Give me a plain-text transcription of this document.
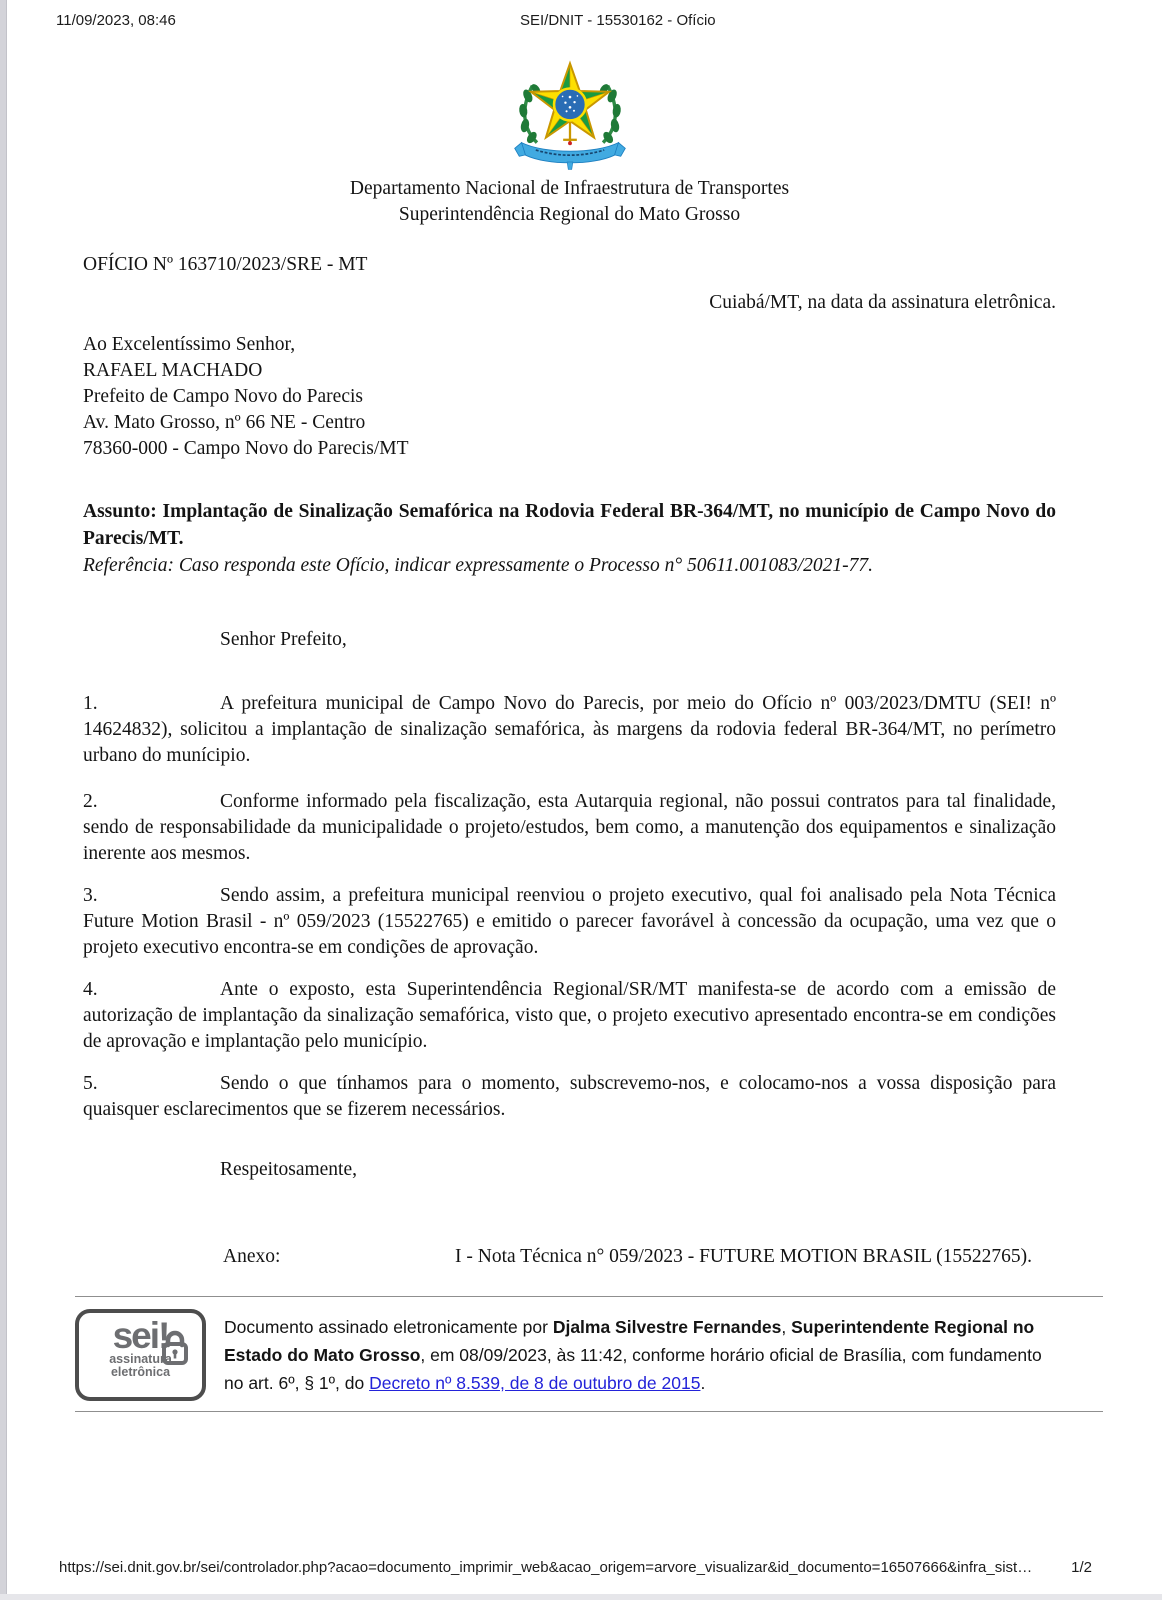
11/09/2023, 08:46	SEI/DNIT - 15530162 - Ofício
Departamento Nacional de Infraestrutura de Transportes
Superintendência Regional do Mato Grosso
OFÍCIO Nº 163710/2023/SRE - MT
Cuiabá/MT, na data da assinatura eletrônica.
Ao Excelentíssimo Senhor,
RAFAEL MACHADO
Prefeito de Campo Novo do Parecis
Av. Mato Grosso, nº 66 NE - Centro
78360-000 - Campo Novo do Parecis/MT

Assunto: Implantação de Sinalização Semafórica na Rodovia Federal BR-364/MT, no município de Campo Novo do Parecis/MT.

Referência: Caso responda este Ofício, indicar expressamente o Processo n° 50611.001083/2021-77.

Senhor Prefeito,

1.	A prefeitura municipal de Campo Novo do Parecis, por meio do Ofício nº 003/2023/DMTU (SEI! nº 14624832), solicitou a implantação de sinalização semafórica, às margens da rodovia federal BR-364/MT, no perímetro urbano do munícipio.

2.	Conforme informado pela fiscalização, esta Autarquia regional, não possui contratos para tal finalidade, sendo de responsabilidade da municipalidade o projeto/estudos, bem como, a manutenção dos equipamentos e sinalização inerente aos mesmos.

3.	Sendo assim, a prefeitura municipal reenviou o projeto executivo, qual foi analisado pela Nota Técnica Future Motion Brasil - nº 059/2023 (15522765) e emitido o parecer favorável à concessão da ocupação, uma vez que o projeto executivo encontra-se em condições de aprovação.

4.	Ante o exposto, esta Superintendência Regional/SR/MT manifesta-se de acordo com a emissão de autorização de implantação da sinalização semafórica, visto que, o projeto executivo apresentado encontra-se em condições de aprovação e implantação pelo município.

5.	Sendo o que tínhamos para o momento, subscrevemo-nos, e colocamo-nos a vossa disposição para quaisquer esclarecimentos que se fizerem necessários.

Respeitosamente,

Anexo:	I - Nota Técnica n° 059/2023 - FUTURE MOTION BRASIL (15522765).
sei!
assinatura
eletrônica
Documento assinado eletronicamente por Djalma Silvestre Fernandes, Superintendente Regional no Estado do Mato Grosso, em 08/09/2023, às 11:42, conforme horário oficial de Brasília, com fundamento no art. 6º, § 1º, do Decreto nº 8.539, de 8 de outubro de 2015.
https://sei.dnit.gov.br/sei/controlador.php?acao=documento_imprimir_web&acao_origem=arvore_visualizar&id_documento=16507666&infra_sist…	1/2
